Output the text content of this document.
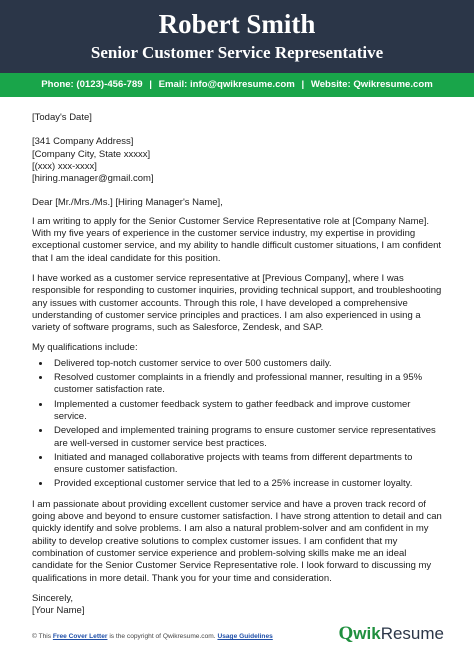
Robert Smith
Senior Customer Service Representative
Phone: (0123)-456-789 | Email: info@qwikresume.com | Website: Qwikresume.com

[Today's Date]

[341 Company Address]

[Company City, State xxxxx]

[(xxx) xxx-xxxx]

[hiring.manager@gmail.com]

Dear [Mr./Mrs./Ms.] [Hiring Manager's Name],

I am writing to apply for the Senior Customer Service Representative role at [Company Name]. With my five years of experience in the customer service industry, my expertise in providing exceptional customer service, and my ability to handle difficult customer situations, I am confident that I am the ideal candidate for this position.

I have worked as a customer service representative at [Previous Company], where I was responsible for responding to customer inquiries, providing technical support, and troubleshooting any issues with customer accounts. Through this role, I have developed a comprehensive understanding of customer service principles and practices. I am also experienced in using a variety of software programs, such as Salesforce, Zendesk, and SAP.

My qualifications include:

• Delivered top-notch customer service to over 500 customers daily.
• Resolved customer complaints in a friendly and professional manner, resulting in a 95% customer satisfaction rate.
• Implemented a customer feedback system to gather feedback and improve customer service.
• Developed and implemented training programs to ensure customer service representatives are well-versed in customer service best practices.
• Initiated and managed collaborative projects with teams from different departments to ensure customer satisfaction.
• Provided exceptional customer service that led to a 25% increase in customer loyalty.

I am passionate about providing excellent customer service and have a proven track record of going above and beyond to ensure customer satisfaction. I have strong attention to detail and can quickly identify and solve problems. I am also a natural problem-solver and am confident in my ability to develop creative solutions to complex customer issues. I am confident that my combination of customer service experience and problem-solving skills make me an ideal candidate for the Senior Customer Service Representative role. I look forward to discussing my qualifications in more detail. Thank you for your time and consideration.

Sincerely,

[Your Name]

© This Free Cover Letter is the copyright of Qwikresume.com. Usage Guidelines	QwikResume
